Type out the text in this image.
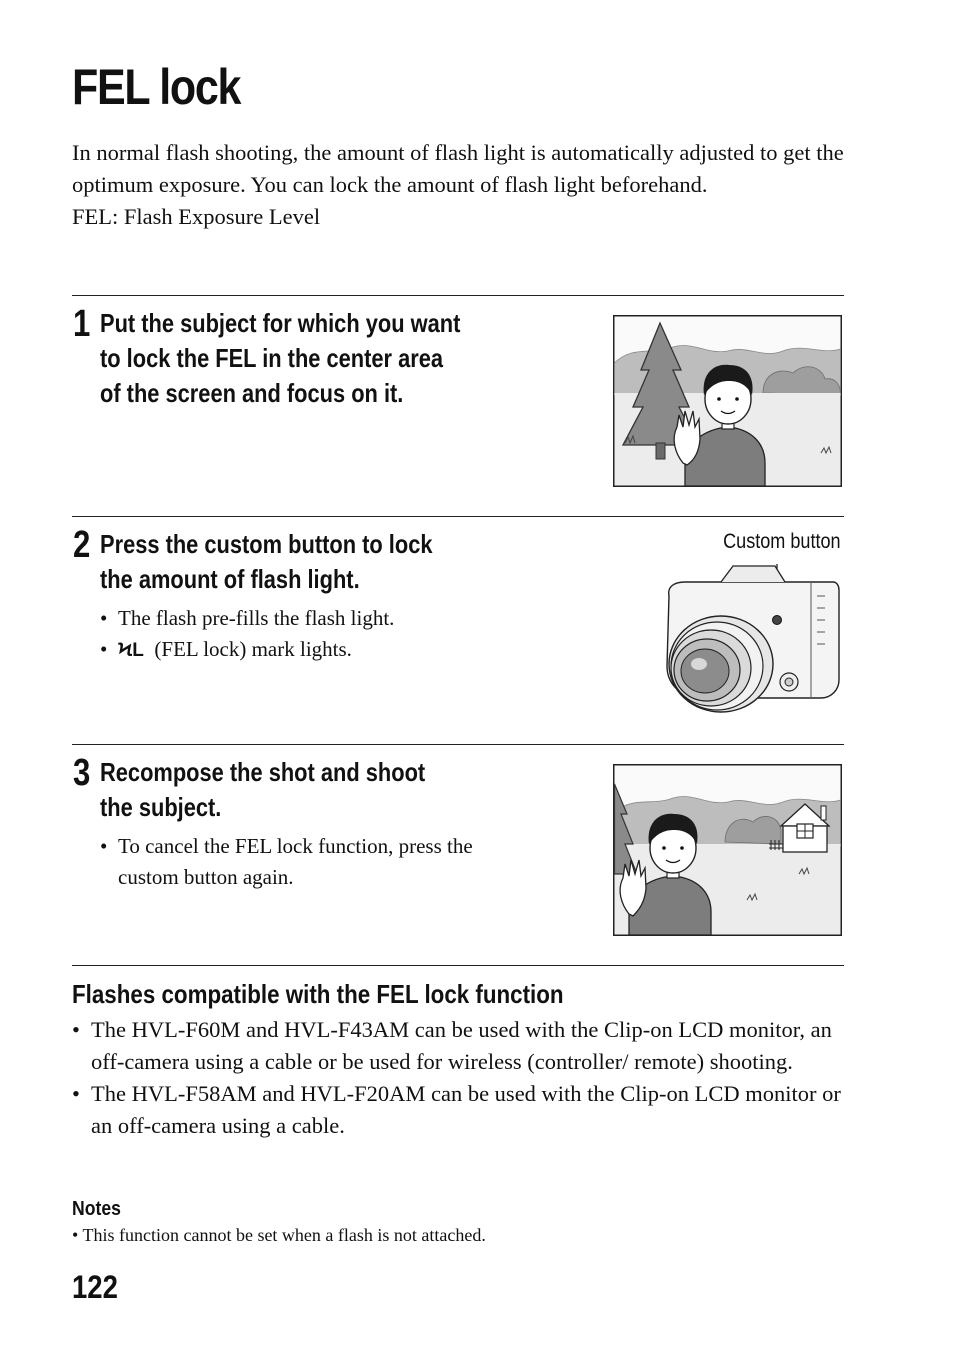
FEL lock

In normal flash shooting, the amount of flash light is automatically adjusted to get the optimum exposure. You can lock the amount of flash light beforehand.

FEL: Flash Exposure Level

1 Put the subject for which you want
to lock the FEL in the center area
of the screen and focus on it.
2 Press the custom button to lock
the amount of flash light.
• The flash pre-fills the flash light.
• ϞL (FEL lock) mark lights.
Custom button
3 Recompose the shot and shoot
the subject.
• To cancel the FEL lock function, press the custom button again.
Flashes compatible with the FEL lock function
• The HVL-F60M and HVL-F43AM can be used with the Clip-on LCD monitor, an off-camera using a cable or be used for wireless (controller/ remote) shooting.
• The HVL-F58AM and HVL-F20AM can be used with the Clip-on LCD monitor or an off-camera using a cable.
Notes
• This function cannot be set when a flash is not attached.
122
